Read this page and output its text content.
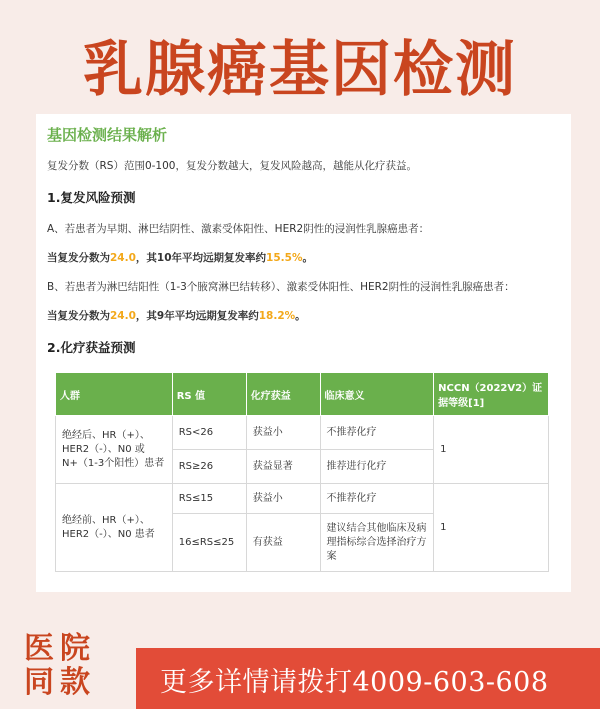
乳腺癌基因检测
基因检测结果解析

复发分数（RS）范围0-100，复发分数越大，复发风险越高，越能从化疗获益。

1.复发风险预测

A、若患者为早期、淋巴结阴性、激素受体阳性、HER2阴性的浸润性乳腺癌患者：

当复发分数为24.0，其10年平均远期复发率约15.5%。

B、若患者为淋巴结阳性（1-3个腋窝淋巴结转移）、激素受体阳性、HER2阴性的浸润性乳腺癌患者：

当复发分数为24.0，其9年平均远期复发率约18.2%。

2.化疗获益预测
人群	RS 值	化疗获益	临床意义	NCCN（2022V2）证据等级[1]
绝经后、HR（+）、HER2（-）、N0 或 N+（1-3个阳性）患者	RS<26	获益小	不推荐化疗	1
	RS≥26	获益显著	推荐进行化疗	
绝经前、HR（+）、HER2（-）、N0 患者	RS≤15	获益小	不推荐化疗	1
	16≤RS≤25	有获益	建议结合其他临床及病理指标综合选择治疗方案	
医院
同款 更多详情请拨打4009-603-608
